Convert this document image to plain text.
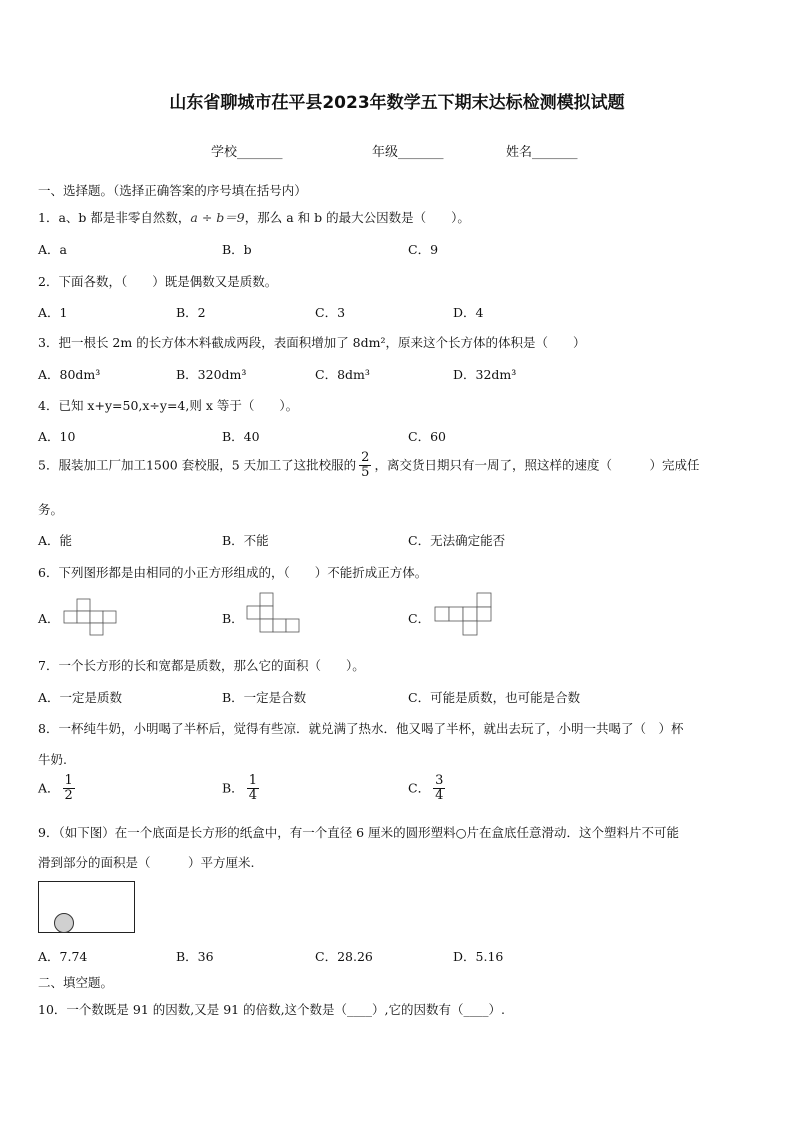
山东省聊城市茌平县2023年数学五下期末达标检测模拟试题
学校_______	年级_______	姓名_______
一、选择题。（选择正确答案的序号填在括号内）
1．a、b 都是非零自然数，a ÷ b＝9，那么 a 和 b 的最大公因数是（　　）。
A．a	B．b	C．9
2．下面各数，（　　）既是偶数又是质数。
A．1	B．2	C．3	D．4
3．把一根长 2m 的长方体木料截成两段，表面积增加了 8dm²，原来这个长方体的体积是（　　）
A．80dm³	B．320dm³	C．8dm³	D．32dm³
4．已知 x+y=50,x÷y=4,则 x 等于（　　）。
A．10	B．40	C．60
5．服装加工厂加工1500 套校服，5 天加工了这批校服的 $\frac{2}{5}$ ，离交货日期只有一周了，照这样的速度（　　　）完成任
务。
A．能	B．不能	C．无法确定能否
6．下列图形都是由相同的小正方形组成的，（　　）不能折成正方体。
A．	B．	C．
7．一个长方形的长和宽都是质数，那么它的面积（　　）。
A．一定是质数	B．一定是合数	C．可能是质数，也可能是合数
8．一杯纯牛奶，小明喝了半杯后，觉得有些凉．就兑满了热水．他又喝了半杯，就出去玩了，小明一共喝了（　）杯
牛奶.
A． $\frac{1}{2}$	B． $\frac{1}{4}$	C． $\frac{3}{4}$
9．（如下图）在一个底面是长方形的纸盒中，有一个直径 6 厘米的圆形塑料○片在盒底任意滑动．这个塑料片不可能
滑到部分的面积是（　　　）平方厘米.
A．7.74	B．36	C．28.26	D．5.16
二、填空题。
10．一个数既是 91 的因数,又是 91 的倍数,这个数是（____）,它的因数有（____）.
